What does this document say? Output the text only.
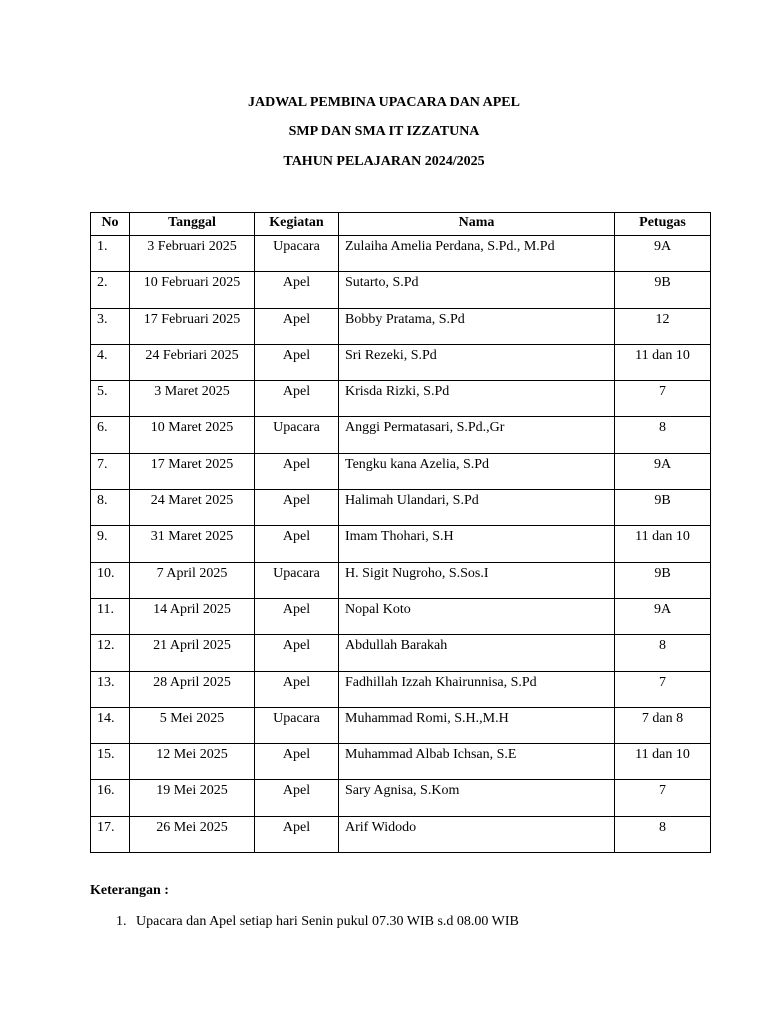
JADWAL PEMBINA UPACARA DAN APEL
SMP DAN SMA IT IZZATUNA
TAHUN PELAJARAN 2024/2025
No	Tanggal	Kegiatan	Nama	Petugas
1.	3 Februari 2025	Upacara	Zulaiha Amelia Perdana, S.Pd., M.Pd	9A
2.	10 Februari 2025	Apel	Sutarto, S.Pd	9B
3.	17 Februari 2025	Apel	Bobby Pratama, S.Pd	12
4.	24 Febriari 2025	Apel	Sri Rezeki, S.Pd	11 dan 10
5.	3 Maret 2025	Apel	Krisda Rizki, S.Pd	7
6.	10 Maret 2025	Upacara	Anggi Permatasari, S.Pd.,Gr	8
7.	17 Maret 2025	Apel	Tengku kana Azelia, S.Pd	9A
8.	24 Maret 2025	Apel	Halimah Ulandari, S.Pd	9B
9.	31 Maret 2025	Apel	Imam Thohari, S.H	11 dan 10
10.	7 April 2025	Upacara	H. Sigit Nugroho, S.Sos.I	9B
11.	14 April 2025	Apel	Nopal Koto	9A
12.	21 April 2025	Apel	Abdullah Barakah	8
13.	28 April 2025	Apel	Fadhillah Izzah Khairunnisa, S.Pd	7
14.	5 Mei 2025	Upacara	Muhammad Romi, S.H.,M.H	7 dan 8
15.	12 Mei 2025	Apel	Muhammad Albab Ichsan, S.E	11 dan 10
16.	19 Mei 2025	Apel	Sary Agnisa, S.Kom	7
17.	26 Mei 2025	Apel	Arif Widodo	8
Keterangan :
1. Upacara dan Apel setiap hari Senin pukul 07.30 WIB s.d 08.00 WIB
